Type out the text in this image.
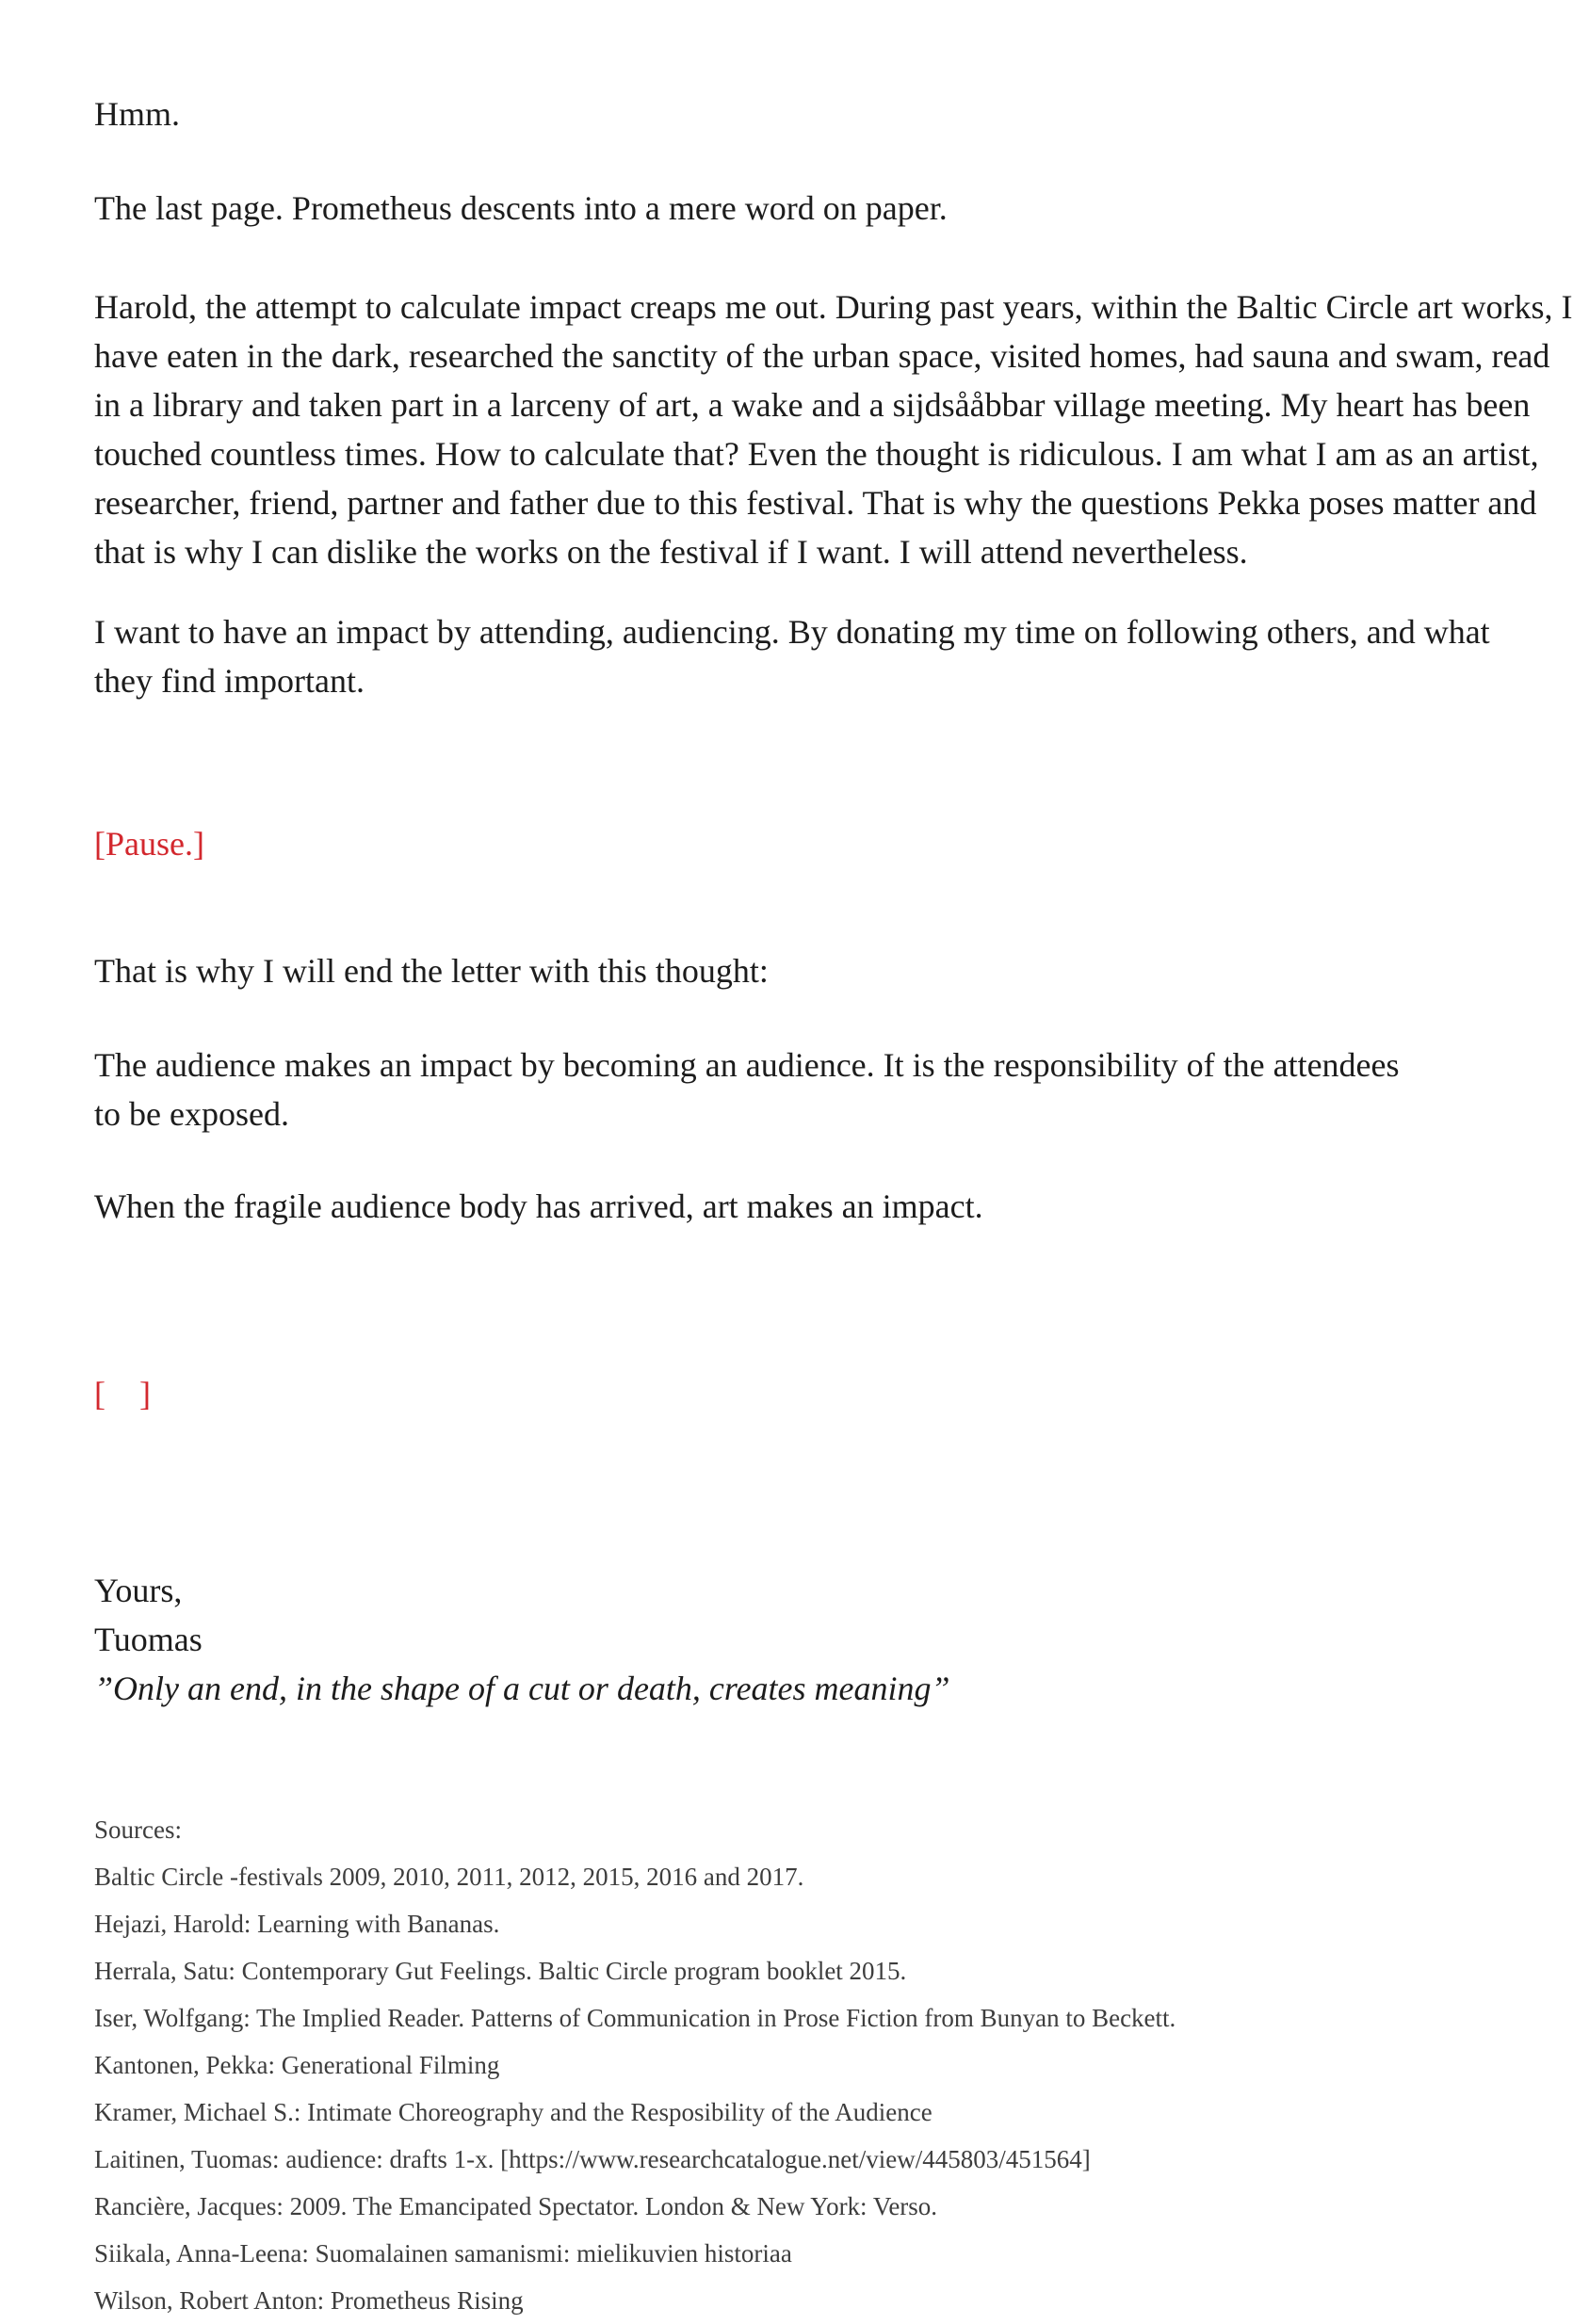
Hmm.
The last page. Prometheus descents into a mere word on paper.
Harold, the attempt to calculate impact creaps me out. During past years, within the Baltic Circle art works, I
have eaten in the dark, researched the sanctity of the urban space, visited homes, had sauna and swam, read
in a library and taken part in a larceny of art, a wake and a sijdsååbbar village meeting. My heart has been
touched countless times. How to calculate that? Even the thought is ridiculous. I am what I am as an artist,
researcher, friend, partner and father due to this festival. That is why the questions Pekka poses matter and
that is why I can dislike the works on the festival if I want. I will attend nevertheless.
I want to have an impact by attending, audiencing. By donating my time on following others, and what
they find important.
[Pause.]
That is why I will end the letter with this thought:
The audience makes an impact by becoming an audience. It is the responsibility of the attendees
to be exposed.
When the fragile audience body has arrived, art makes an impact.

[    ]

Yours,
Tuomas
”Only an end, in the shape of a cut or death, creates meaning”
Sources:
Baltic Circle -festivals 2009, 2010, 2011, 2012, 2015, 2016 and 2017.
Hejazi, Harold: Learning with Bananas.
Herrala, Satu: Contemporary Gut Feelings. Baltic Circle program booklet 2015.
Iser, Wolfgang: The Implied Reader. Patterns of Communication in Prose Fiction from Bunyan to Beckett.
Kantonen, Pekka: Generational Filming
Kramer, Michael S.: Intimate Choreography and the Resposibility of the Audience
Laitinen, Tuomas: audience: drafts 1-x. [https://www.researchcatalogue.net/view/445803/451564]
Rancière, Jacques: 2009. The Emancipated Spectator. London & New York: Verso.
Siikala, Anna-Leena: Suomalainen samanismi: mielikuvien historiaa
Wilson, Robert Anton: Prometheus Rising
